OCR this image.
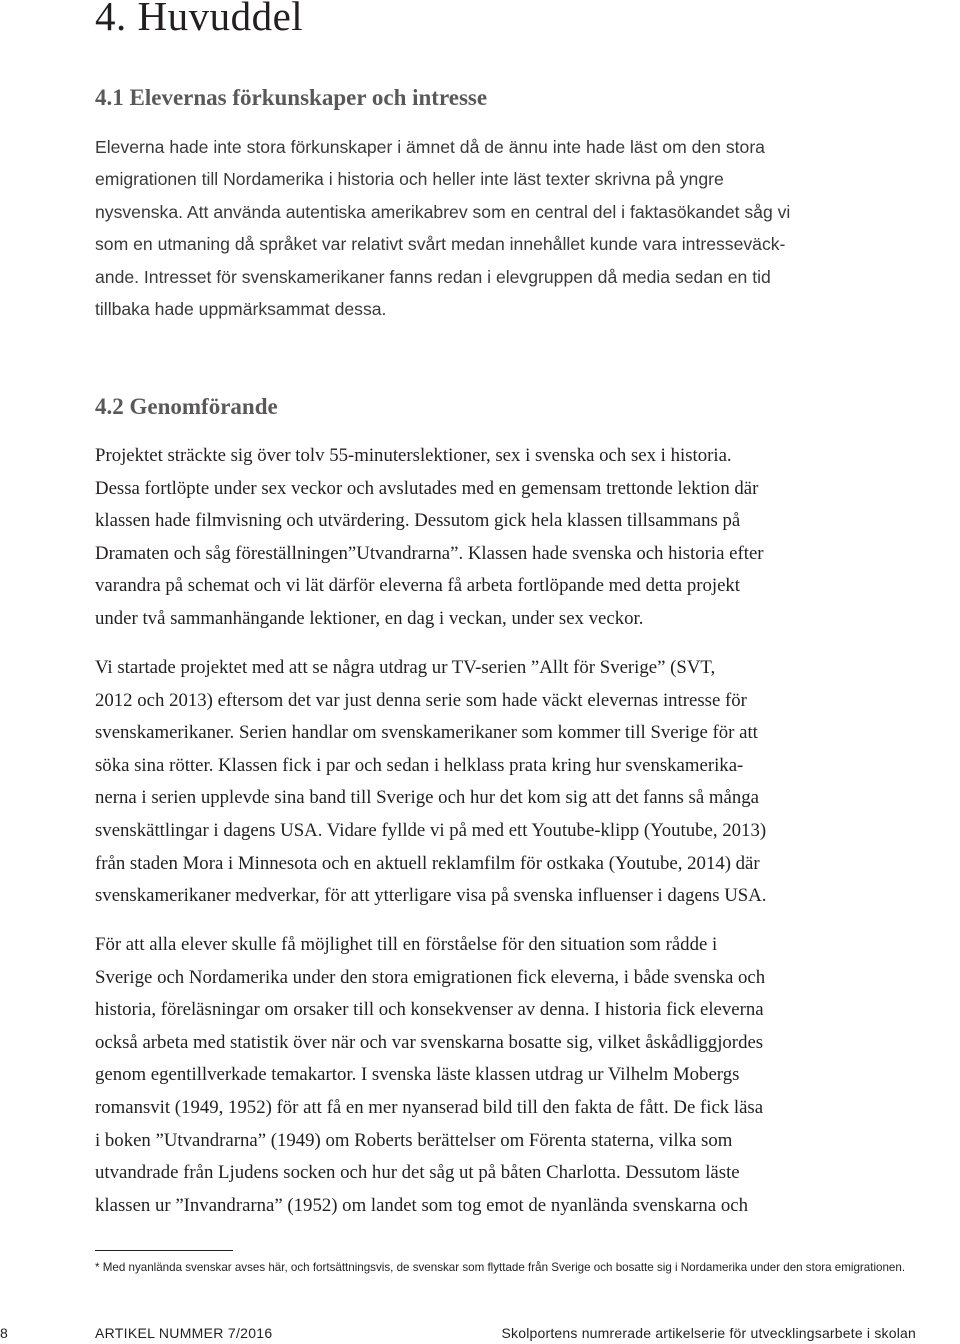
4. Huvuddel
4.1 Elevernas förkunskaper och intresse
Eleverna hade inte stora förkunskaper i ämnet då de ännu inte hade läst om den stora
emigrationen till Nordamerika i historia och heller inte läst texter skrivna på yngre
nysvenska. Att använda autentiska amerikabrev som en central del i faktasökandet såg vi
som en utmaning då språket var relativt svårt medan innehållet kunde vara intresseväck-
ande. Intresset för svenskamerikaner fanns redan i elevgruppen då media sedan en tid
tillbaka hade uppmärksammat dessa.
4.2 Genomförande
Projektet sträckte sig över tolv 55-minuterslektioner, sex i svenska och sex i historia.
Dessa fortlöpte under sex veckor och avslutades med en gemensam trettonde lektion där
klassen hade filmvisning och utvärdering. Dessutom gick hela klassen tillsammans på
Dramaten och såg föreställningen”Utvandrarna”. Klassen hade svenska och historia efter
varandra på schemat och vi lät därför eleverna få arbeta fortlöpande med detta projekt
under två sammanhängande lektioner, en dag i veckan, under sex veckor.
Vi startade projektet med att se några utdrag ur TV-serien ”Allt för Sverige” (SVT,
2012 och 2013) eftersom det var just denna serie som hade väckt elevernas intresse för
svenskamerikaner. Serien handlar om svenskamerikaner som kommer till Sverige för att
söka sina rötter. Klassen fick i par och sedan i helklass prata kring hur svenskamerika-
nerna i serien upplevde sina band till Sverige och hur det kom sig att det fanns så många
svenskättlingar i dagens USA. Vidare fyllde vi på med ett Youtube-klipp (Youtube, 2013)
från staden Mora i Minnesota och en aktuell reklamfilm för ostkaka (Youtube, 2014) där
svenskamerikaner medverkar, för att ytterligare visa på svenska influenser i dagens USA.
För att alla elever skulle få möjlighet till en förståelse för den situation som rådde i
Sverige och Nordamerika under den stora emigrationen fick eleverna, i både svenska och
historia, föreläsningar om orsaker till och konsekvenser av denna. I historia fick eleverna
också arbeta med statistik över när och var svenskarna bosatte sig, vilket åskådliggjordes
genom egentillverkade temakartor. I svenska läste klassen utdrag ur Vilhelm Mobergs
romansvit (1949, 1952) för att få en mer nyanserad bild till den fakta de fått. De fick läsa
i boken ”Utvandrarna” (1949) om Roberts berättelser om Förenta staterna, vilka som
utvandrade från Ljudens socken och hur det såg ut på båten Charlotta. Dessutom läste
klassen ur ”Invandrarna” (1952) om landet som tog emot de nyanlända svenskarna och

* Med nyanlända svenskar avses här, och fortsättningsvis, de svenskar som flyttade från Sverige och bosatte sig i Nordamerika under den stora emigrationen.

8	ARTIKEL NUMMER 7/2016	Skolportens numrerade artikelserie för utvecklingsarbete i skolan
